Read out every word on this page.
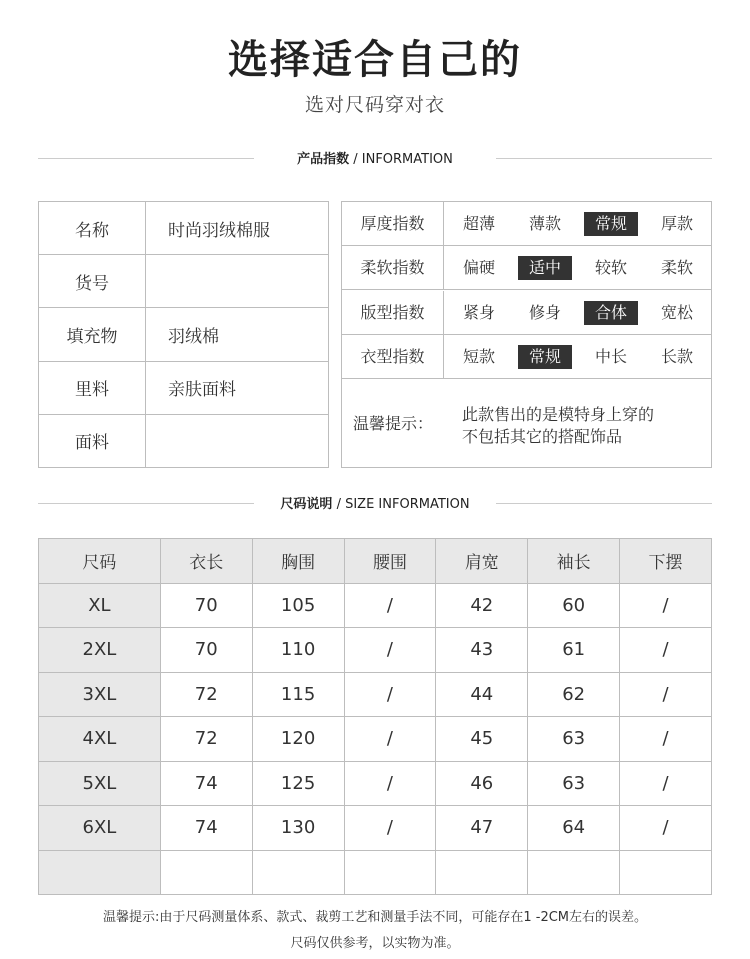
选择适合自己的
选对尺码穿对衣
产品指数 / INFORMATION
名称	时尚羽绒棉服
货号	
填充物	羽绒棉
里料	亲肤面料
面料	
厚度指数	超薄	薄款	常规	厚款
柔软指数	偏硬	适中	较软	柔软
版型指数	紧身	修身	合体	宽松
衣型指数	短款	常规	中长	长款
温馨提示：	此款售出的是模特身上穿的
不包括其它的搭配饰品
尺码说明 / SIZE INFORMATION
尺码	衣长	胸围	腰围	肩宽	袖长	下摆
XL	70	105	/	42	60	/
2XL	70	110	/	43	61	/
3XL	72	115	/	44	62	/
4XL	72	120	/	45	63	/
5XL	74	125	/	46	63	/
6XL	74	130	/	47	64	/

温馨提示:由于尺码测量体系、款式、裁剪工艺和测量手法不同，可能存在1 -2CM左右的误差。
尺码仅供参考，以实物为准。
